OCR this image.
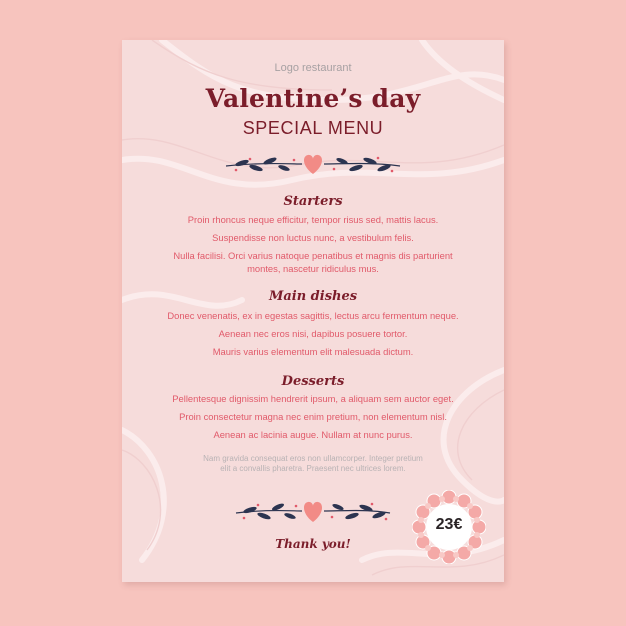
Logo restaurant
Valentine’s day
SPECIAL MENU
Starters
Proin rhoncus neque efficitur, tempor risus sed, mattis lacus.
Suspendisse non luctus nunc, a vestibulum felis.
Nulla facilisi. Orci varius natoque penatibus et magnis dis parturient montes, nascetur ridiculus mus.
Main dishes
Donec venenatis, ex in egestas sagittis, lectus arcu fermentum neque.
Aenean nec eros nisi, dapibus posuere tortor.
Mauris varius elementum elit malesuada dictum.
Desserts
Pellentesque dignissim hendrerit ipsum, a aliquam sem auctor eget.
Proin consectetur magna nec enim pretium, non elementum nisl.
Aenean ac lacinia augue. Nullam at nunc purus.
Nam gravida consequat eros non ullamcorper. Integer pretium elit a convallis pharetra. Praesent nec ultrices lorem.
Thank you!
23€
